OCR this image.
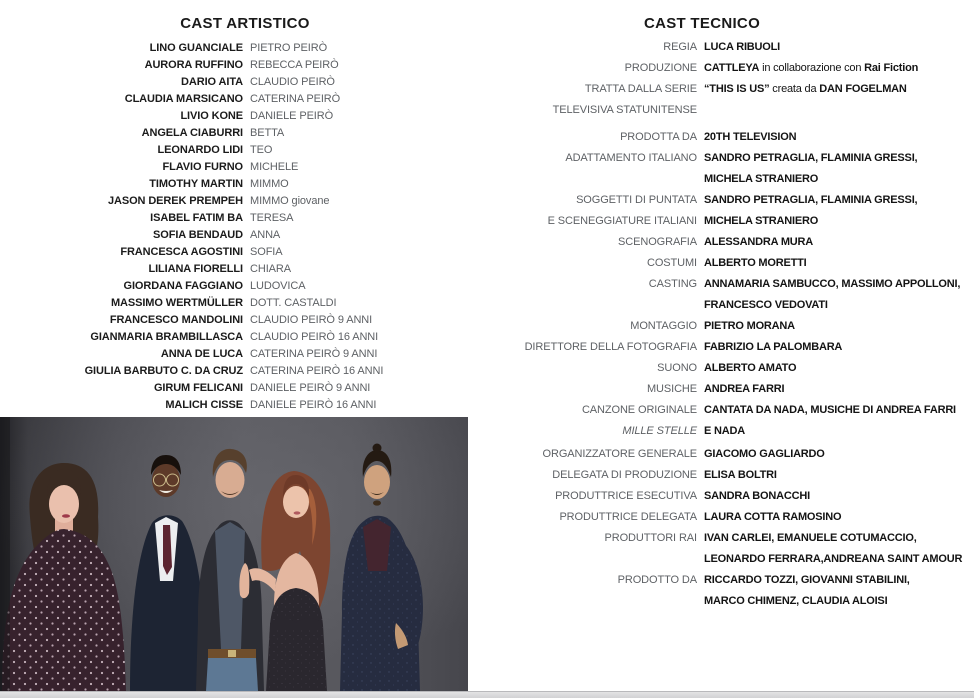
CAST ARTISTICO
LINO GUANCIALE PIETRO PEIRÒ
AURORA RUFFINO REBECCA PEIRÒ
DARIO AITA CLAUDIO PEIRÒ
CLAUDIA MARSICANO CATERINA PEIRÒ
LIVIO KONE DANIELE PEIRÒ
ANGELA CIABURRI BETTA
LEONARDO LIDI TEO
FLAVIO FURNO MICHELE
TIMOTHY MARTIN MIMMO
JASON DEREK PREMPEH MIMMO giovane
ISABEL FATIM BA TERESA
SOFIA BENDAUD ANNA
FRANCESCA AGOSTINI SOFIA
LILIANA FIORELLI CHIARA
GIORDANA FAGGIANO LUDOVICA
MASSIMO WERTMÜLLER DOTT. CASTALDI
FRANCESCO MANDOLINI CLAUDIO PEIRÒ 9 ANNI
GIANMARIA BRAMBILLASCA CLAUDIO PEIRÒ 16 ANNI
ANNA DE LUCA CATERINA PEIRÒ 9 ANNI
GIULIA BARBUTO C. DA CRUZ CATERINA PEIRÒ 16 ANNI
GIRUM FELICANI DANIELE PEIRÒ 9 ANNI
MALICH CISSE DANIELE PEIRÒ 16 ANNI
CAST TECNICO
REGIA LUCA RIBUOLI
PRODUZIONE CATTLEYA in collaborazione con Rai Fiction
TRATTA DALLA SERIE “THIS IS US” creata da DAN FOGELMAN
TELEVISIVA STATUNITENSE
PRODOTTA DA 20TH TELEVISION
ADATTAMENTO ITALIANO SANDRO PETRAGLIA, FLAMINIA GRESSI,
MICHELA STRANIERO
SOGGETTI DI PUNTATA SANDRO PETRAGLIA, FLAMINIA GRESSI,
E SCENEGGIATURE ITALIANI MICHELA STRANIERO
SCENOGRAFIA ALESSANDRA MURA
COSTUMI ALBERTO MORETTI
CASTING ANNAMARIA SAMBUCCO, MASSIMO APPOLLONI,
FRANCESCO VEDOVATI
MONTAGGIO PIETRO MORANA
DIRETTORE DELLA FOTOGRAFIA FABRIZIO LA PALOMBARA
SUONO ALBERTO AMATO
MUSICHE ANDREA FARRI
CANZONE ORIGINALE CANTATA DA NADA, MUSICHE DI ANDREA FARRI
MILLE STELLE E NADA
ORGANIZZATORE GENERALE GIACOMO GAGLIARDO
DELEGATA DI PRODUZIONE ELISA BOLTRI
PRODUTTRICE ESECUTIVA SANDRA BONACCHI
PRODUTTRICE DELEGATA LAURA COTTA RAMOSINO
PRODUTTORI RAI IVAN CARLEI, EMANUELE COTUMACCIO,
LEONARDO FERRARA,ANDREANA SAINT AMOUR
PRODOTTO DA RICCARDO TOZZI, GIOVANNI STABILINI,
MARCO CHIMENZ, CLAUDIA ALOISI
